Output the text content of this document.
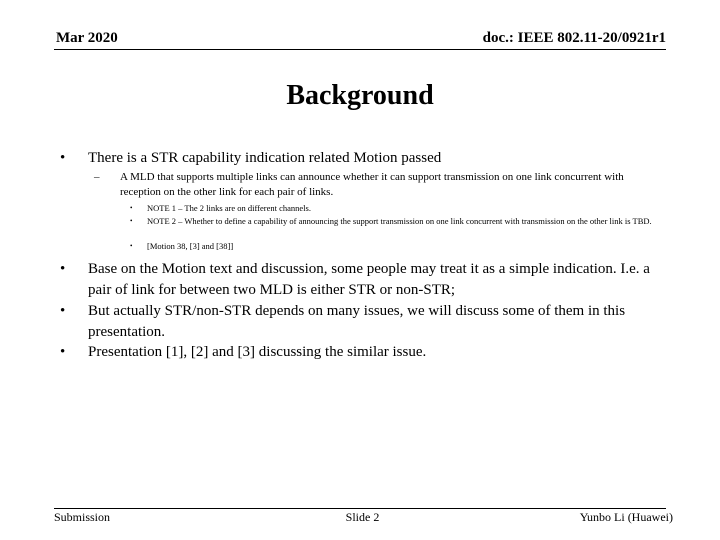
Mar 2020	doc.: IEEE 802.11-20/0921r1
Background
• There is a STR capability indication related Motion passed
– A MLD that supports multiple links can announce whether it can support transmission on one link concurrent with reception on the other link for each pair of links.
• NOTE 1 – The 2 links are on different channels.
• NOTE 2 – Whether to define a capability of announcing the support transmission on one link concurrent with transmission on the other link is TBD.
• [Motion 38, [3] and [38]]
• Base on the Motion text and discussion, some people may treat it as a simple indication. I.e. a pair of link for between two MLD is either STR or non-STR;
• But actually STR/non-STR depends on many issues, we will discuss some of them in this presentation.
• Presentation [1], [2] and [3] discussing the similar issue.
Submission	Slide 2	Yunbo Li (Huawei)
